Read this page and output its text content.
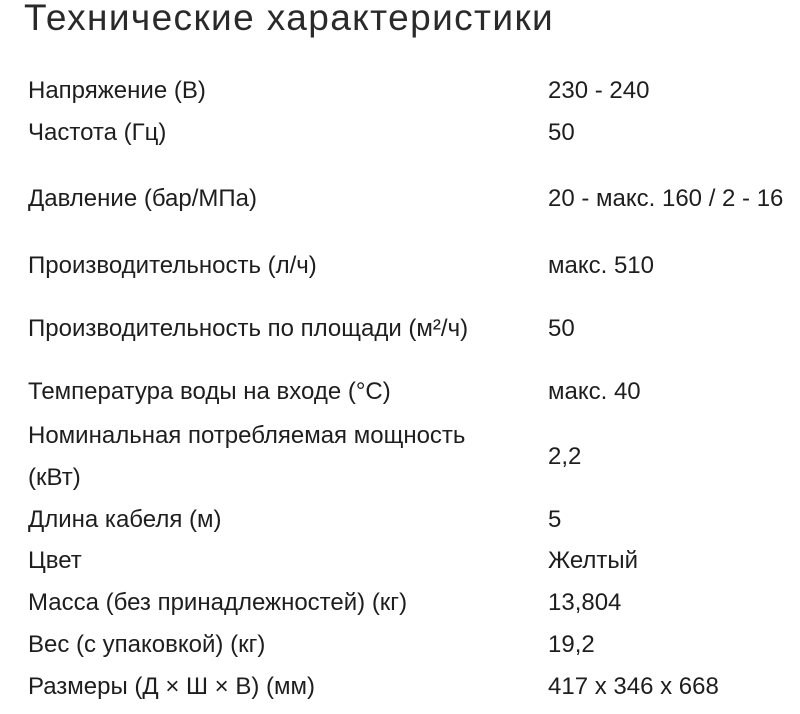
Технические характеристики
Напряжение (В)	230 - 240
Частота (Гц)	50
Давление (бар/МПа)	20 - макс. 160 / 2 - 16
Производительность (л/ч)	макс. 510
Производительность по площади (м²/ч)	50
Температура воды на входе (°C)	макс. 40
Номинальная потребляемая мощность (кВт)	2,2
Длина кабеля (м)	5
Цвет	Желтый
Масса (без принадлежностей) (кг)	13,804
Вес (с упаковкой) (кг)	19,2
Размеры (Д × Ш × В) (мм)	417 x 346 x 668
